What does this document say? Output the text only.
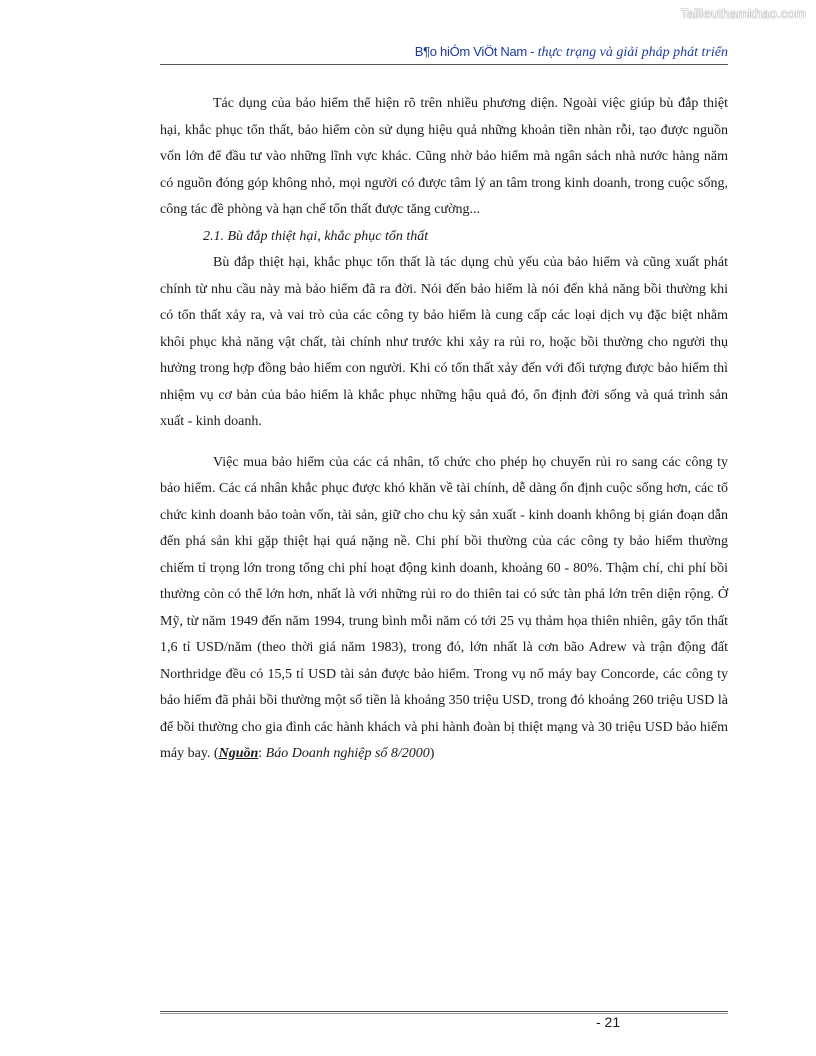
Tailieuthamkhao.com
B¶o hiÓm ViÖt Nam - thực trạng và giải pháp phát triển

Tác dụng của bảo hiểm thể hiện rõ trên nhiều phương diện. Ngoài việc giúp bù đắp thiệt hại, khắc phục tổn thất, bảo hiểm còn sử dụng hiệu quả những khoản tiền nhàn rỗi, tạo được nguồn vốn lớn để đầu tư vào những lĩnh vực khác. Cũng nhờ bảo hiểm mà ngân sách nhà nước hàng năm có nguồn đóng góp không nhỏ, mọi người có được tâm lý an tâm trong kinh doanh, trong cuộc sống, công tác đề phòng và hạn chế tổn thất được tăng cường...

2.1. Bù đắp thiệt hại, khắc phục tổn thất

Bù đắp thiệt hại, khắc phục tổn thất là tác dụng chủ yếu của bảo hiểm và cũng xuất phát chính từ nhu cầu này mà bảo hiểm đã ra đời. Nói đến bảo hiểm là nói đến khả năng bồi thường khi có tổn thất xảy ra, và vai trò của các công ty bảo hiểm là cung cấp các loại dịch vụ đặc biệt nhằm khôi phục khả năng vật chất, tài chính như trước khi xảy ra rủi ro, hoặc bồi thường cho người thụ hưởng trong hợp đồng bảo hiểm con người. Khi có tổn thất xảy đến với đối tượng được bảo hiểm thì nhiệm vụ cơ bản của bảo hiểm là khắc phục những hậu quả đó, ổn định đời sống và quá trình sản xuất - kinh doanh.

Việc mua bảo hiểm của các cá nhân, tổ chức cho phép họ chuyển rủi ro sang các công ty bảo hiểm. Các cá nhân khắc phục được khó khăn về tài chính, dễ dàng ổn định cuộc sống hơn, các tổ chức kinh doanh bảo toàn vốn, tài sản, giữ cho chu kỳ sản xuất - kinh doanh không bị gián đoạn dẫn đến phá sản khi gặp thiệt hại quá nặng nề. Chi phí bồi thường của các công ty bảo hiểm thường chiếm tỉ trọng lớn trong tổng chi phí hoạt động kinh doanh, khoảng 60 - 80%. Thậm chí, chi phí bồi thường còn có thể lớn hơn, nhất là với những rủi ro do thiên tai có sức tàn phá lớn trên diện rộng. Ở Mỹ, từ năm 1949 đến năm 1994, trung bình mỗi năm có tới 25 vụ thảm họa thiên nhiên, gây tổn thất 1,6 tỉ USD/năm (theo thời giá năm 1983), trong đó, lớn nhất là cơn bão Adrew và trận động đất Northridge đều có 15,5 tỉ USD tài sản được bảo hiểm. Trong vụ nổ máy bay Concorde, các công ty bảo hiểm đã phải bồi thường một số tiền là khoảng 350 triệu USD, trong đó khoảng 260 triệu USD là để bồi thường cho gia đình các hành khách và phi hành đoàn bị thiệt mạng và 30 triệu USD bảo hiểm máy bay. (Nguồn: Báo Doanh nghiệp số 8/2000)

- 21
